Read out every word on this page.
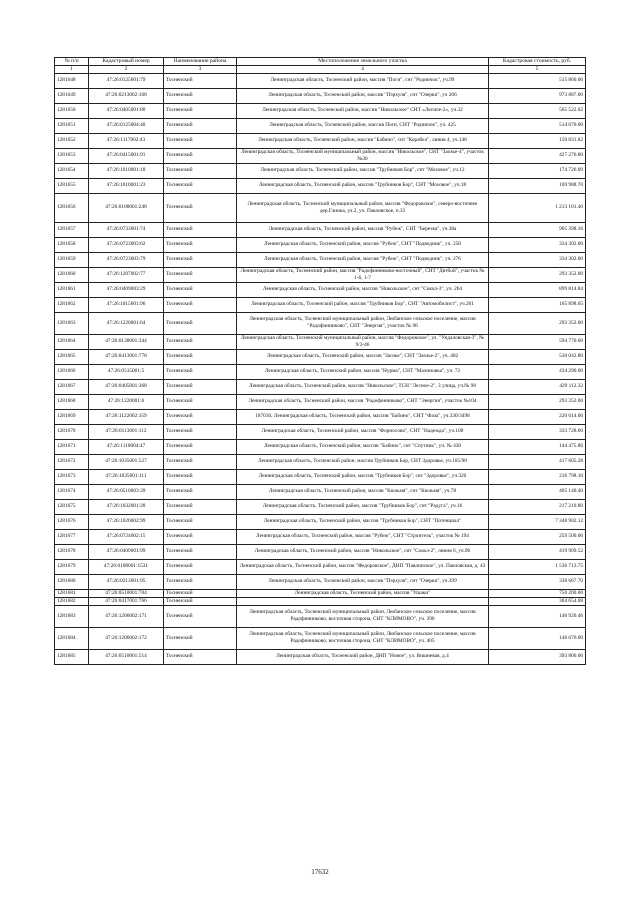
№ п/п	Кадастровый номер	Наименование района	Местоположение земельного участка	Кадастровая стоимость, руб.
1	2	3	4	5
1281648	47:26:0125001:79	Тосненский	Ленинградская область, Тосненский район, массив "Поги", снт "Родничок", уч.99	515 860.00
1281649	47:26:0213002:168	Тосненский	Ленинградская область, Тосненский район, массив "Пэрхуля", снт "Озерки", уч 206	973 887.00
1281650	47:26:0405001:80	Тосненский	Ленинградская область, Тосненский район, массив "Никольское" СНТ «Лесное-2», уч.32	565 522.02
1281651	47:26:0125004:40	Тосненский	Ленинградская область, Тосненский район, массив Поги, СНТ "Родничок", уч. 425	514 070.00
1281652	47:26:1117002:43	Тосненский	Ленинградская область, Тосненский район, массив "Бабино", снт "Корабел", линия 4, уч.148	150 831.82
1281653	47:26:0415001:91	Тосненский	Ленинградская область, Тосненский муниципальный район, массив "Никольское", СНТ "Заозье-4", участок №30	427 276.80
1281654	47:26:1010001:18	Тосненский	Ленинградская область, Тосненский район, массив "Трубников Бор", снт "Моховое", уч.12	174 726.09
1281655	47:26:1010001:23	Тосненский	Ленинградская область, Тосненский район, массив "Трубников Бор", СНТ "Моховое", уч.18	169 988.70
1281656	47:26:0108001:248	Тосненский	Ленинградская область, Тосненский муниципальный район, массив "Федоровское", северо-восточнее дер.Глинка, ул.2, уч. Павловское, п.33	1 213 101.40
1281657	47:26:0733001:74	Тосненский	Ленинградская область, Тосненский район, массив "Рубеж", СНТ "Березка", уч.38а	905 398.16
1281658	47:26:0723003:62	Тосненский	Ленинградская область, Тосненский район, массив "Рубеж", СНТ "Подводник", уч. 258	334 302.00
1281659	47:26:0723003:79	Тосненский	Ленинградская область, Тосненский район, массив "Рубеж", СНТ "Подводник", уч. 276	334 302.00
1281660	47:26:1207002:77	Тосненский	Ленинградская область, Тосненский район, массив "Радофинниково-восточный", СНТ "Дятбой", участок № 1-6, 1-7	293 352.00
1281661	47:26:0409003:29	Тосненский	Ленинградская область, Тосненский район, массив "Никольское", снт "Сокол-3", уч. 264	899 814.84
1281662	47:26:1015001:96	Тосненский	Ленинградская область, Тосненский район, массив "Трубников Бор", СНТ "Автомобилист", уч.201	165 898.65
1281663	47:26:1220001:64	Тосненский	Ленинградская область, Тосненский муниципальный район, Любанское сельское поселение, массив "Радофинниково", СНТ "Энергия", участок № 96	293 352.00
1281664	47:26:0138001:344	Тосненский	Ленинградская область, Тосненский муниципальный район, массив "Федоровское", ул. "Ундаловская-3", № 9/3-46	594 770.60
1281665	47:26:0413001:778	Тосненский	Ленинградская область, Тосненский район, массив "Заозье", СНТ "Заозье-2", уч. 402	530 042.80
1281666	47:26:0515001:5	Тосненский	Ленинградская область, Тосненский район, массив "Нурма", СНТ "Малиновка", уч. 72	434 290.00
1281667	47:26:0405001:368	Тосненский	Ленинградская область, Тосненский район, массив "Никольское", ТСН "Лесное-2", 3 улица, уч.№ 98	429 112.32
1281668	47:26:1220001:6	Тосненский	Ленинградская область, Тосненский район, массив "Радофинниково", СНТ "Энергия", участок №104	293 352.00
1281669	47:26:1122002:159	Тосненский	187030, Ленинградская область, Тосненский район, массив "Бабино", СНТ "Фаза", уч.330/3498	220 014.00
1281670	47:26:0113001:112	Тосненский	Ленинградская область, Тосненский район, массив "Форносово", СНТ "Надежда", уч.108	333 728.60
1281671	47:26:1118004:47	Тосненский	Ленинградская область, Тосненский район, массив "Бабино", снт "Спутник", уч. № 430	144 475.86
1281672	47:26:1035001:527	Тосненский	Ленинградская область, Тосненский район, массив Трубников Бор, СНТ Здоровье, уч.105/98	417 605.28
1281673	47:26:1035001:111	Тосненский	Ленинградская область, Тосненский район, массив "Трубников Бор", снт "Здоровье", уч.320	216 798.10
1281674	47:26:0510003:39	Тосненский	Ленинградская область, Тосненский район, массив "Кюльмя", снт "Кюльмя", уч.78	405 140.40
1281675	47:26:1032001:28	Тосненский	Ленинградская область, Тосненский район, массив "Трубников Бор", снт "Радуга", уч.16	217 210.80
1281676	47:26:1026002:99	Тосненский	Ленинградская область, Тосненский район, массив "Трубников Бор", СНТ "Потенциал"	7 348 902.12
1281677	47:26:0724002:15	Тосненский	Ленинградская область, Тосненский район, массив "Рубеж", СНТ "Строитель", участок № 194	259 500.00
1281678	47:26:0409001:99	Тосненский	Ленинградская область, Тосненский район, массив "Никольское", снт "Сокол-2", линия 6, уч.96	419 909.52
1281679	47:26:0108001:1531	Тосненский	Ленинградская область, Тосненский район, массив "Федоровское", ДНП "Павлинское", ул. Павловская, д. 43	1 536 713.75
1281680	47:26:0213001:95	Тосненский	Ленинградская область, Тосненский район, массив "Пэрхуля", снт "Озерки", уч.399	336 667.70
1281681	47:26:0510001:704	Тосненский	Ленинградская область, Тосненский район, массив "Ушаки"	750 200.00
1281682	47:26:0417001:766	Тосненский		364 654.08
1281683	47:26:1206002:171	Тосненский	Ленинградская область, Тосненский муниципальный район, Любанское сельское поселение, массив Радофинниково, восточная сторона, СНТ "КЛИМОВО", уч. 390	146 920.46
1281684	47:26:1206002:172	Тосненский	Ленинградская область, Тосненский муниципальный район, Любанское сельское поселение, массив Радофинниково, восточная сторона, СНТ "КЛИМОВО", уч. 405	146 676.00
1281685	47:26:0510001:514	Тосненский	Ленинградская область, Тосненский район, ДНП "Новое", ул. Вишневая, д.4	393 800.00
17632
